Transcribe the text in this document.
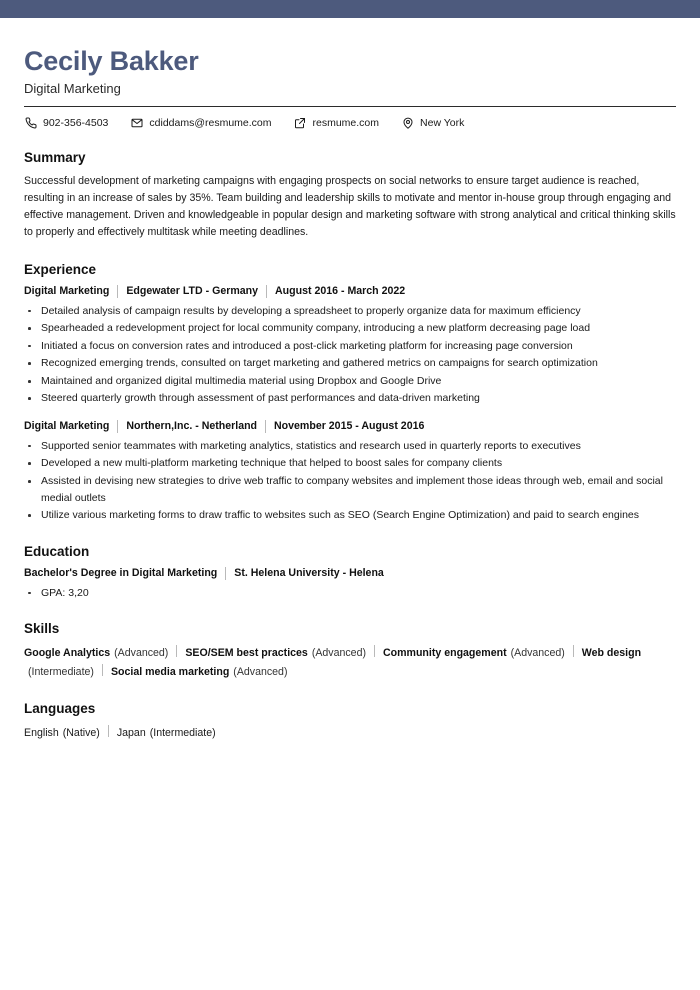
Cecily Bakker
Digital Marketing
902-356-4503	cdiddams@resmume.com	resmume.com	New York
Summary
Successful development of marketing campaigns with engaging prospects on social networks to ensure target audience is reached, resulting in an increase of sales by 35%. Team building and leadership skills to motivate and mentor in-house group through engaging and effective management. Driven and knowledgeable in popular design and marketing software with strong analytical and critical thinking skills to properly and effectively multitask while meeting deadlines.
Experience
Digital Marketing Edgewater LTD - Germany August 2016 - March 2022
Detailed analysis of campaign results by developing a spreadsheet to properly organize data for maximum efficiency
Spearheaded a redevelopment project for local community company, introducing a new platform decreasing page load
Initiated a focus on conversion rates and introduced a post-click marketing platform for increasing page conversion
Recognized emerging trends, consulted on target marketing and gathered metrics on campaigns for search optimization
Maintained and organized digital multimedia material using Dropbox and Google Drive
Steered quarterly growth through assessment of past performances and data-driven marketing
Digital Marketing Northern,Inc. - Netherland November 2015 - August 2016
Supported senior teammates with marketing analytics, statistics and research used in quarterly reports to executives
Developed a new multi-platform marketing technique that helped to boost sales for company clients
Assisted in devising new strategies to drive web traffic to company websites and implement those ideas through web, email and social medial outlets
Utilize various marketing forms to draw traffic to websites such as SEO (Search Engine Optimization) and paid to search engines
Education
Bachelor's Degree in Digital Marketing St. Helena University - Helena
GPA: 3,20
Skills
Google Analytics (Advanced) SEO/SEM best practices (Advanced) Community engagement (Advanced) Web design
(Intermediate) Social media marketing (Advanced)
Languages
English (Native) Japan (Intermediate)
